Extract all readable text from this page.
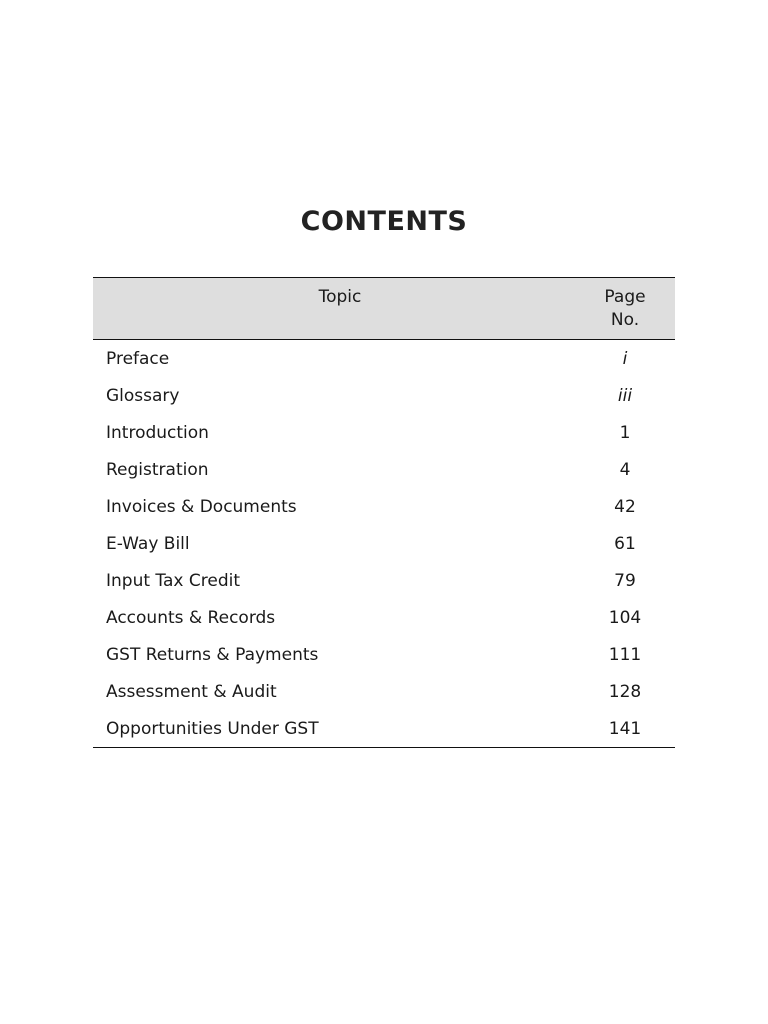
CONTENTS
Topic	Page
No.

Preface	i
Glossary	iii
Introduction	1
Registration	4
Invoices & Documents	42
E-Way Bill	61
Input Tax Credit	79
Accounts & Records	104
GST Returns & Payments	111
Assessment & Audit	128
Opportunities Under GST	141
